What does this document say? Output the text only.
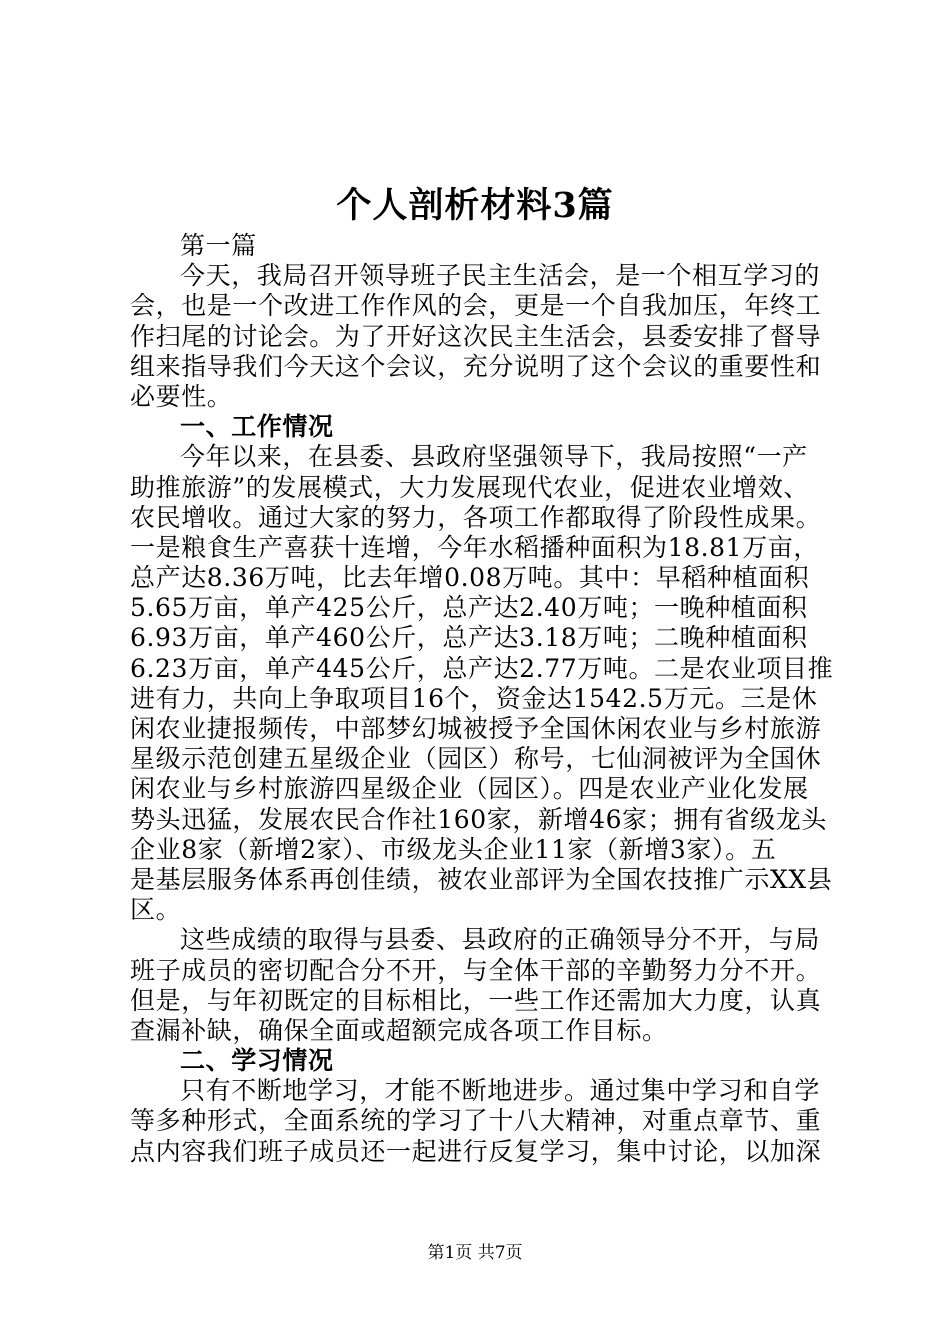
个人剖析材料3篇
第一篇
今天，我局召开领导班子民主生活会，是一个相互学习的
会，也是一个改进工作作风的会，更是一个自我加压，年终工
作扫尾的讨论会。为了开好这次民主生活会，县委安排了督导
组来指导我们今天这个会议，充分说明了这个会议的重要性和
必要性。
一、工作情况
今年以来，在县委、县政府坚强领导下，我局按照“一产
助推旅游”的发展模式，大力发展现代农业，促进农业增效、
农民增收。通过大家的努力，各项工作都取得了阶段性成果。
一是粮食生产喜获十连增，今年水稻播种面积为18.81万亩，
总产达8.36万吨，比去年增0.08万吨。其中：早稻种植面积
5.65万亩，单产425公斤，总产达2.40万吨；一晚种植面积
6.93万亩，单产460公斤，总产达3.18万吨；二晚种植面积
6.23万亩，单产445公斤，总产达2.77万吨。二是农业项目推
进有力，共向上争取项目16个，资金达1542.5万元。三是休
闲农业捷报频传，中部梦幻城被授予全国休闲农业与乡村旅游
星级示范创建五星级企业（园区）称号，七仙洞被评为全国休
闲农业与乡村旅游四星级企业（园区）。四是农业产业化发展
势头迅猛，发展农民合作社160家，新增46家；拥有省级龙头
企业8家（新增2家）、市级龙头企业11家（新增3家）。五
是基层服务体系再创佳绩，被农业部评为全国农技推广示XX县
区。
这些成绩的取得与县委、县政府的正确领导分不开，与局
班子成员的密切配合分不开，与全体干部的辛勤努力分不开。
但是，与年初既定的目标相比，一些工作还需加大力度，认真
查漏补缺，确保全面或超额完成各项工作目标。
二、学习情况
只有不断地学习，才能不断地进步。通过集中学习和自学
等多种形式，全面系统的学习了十八大精神，对重点章节、重
点内容我们班子成员还一起进行反复学习，集中讨论，以加深
第1页 共7页
